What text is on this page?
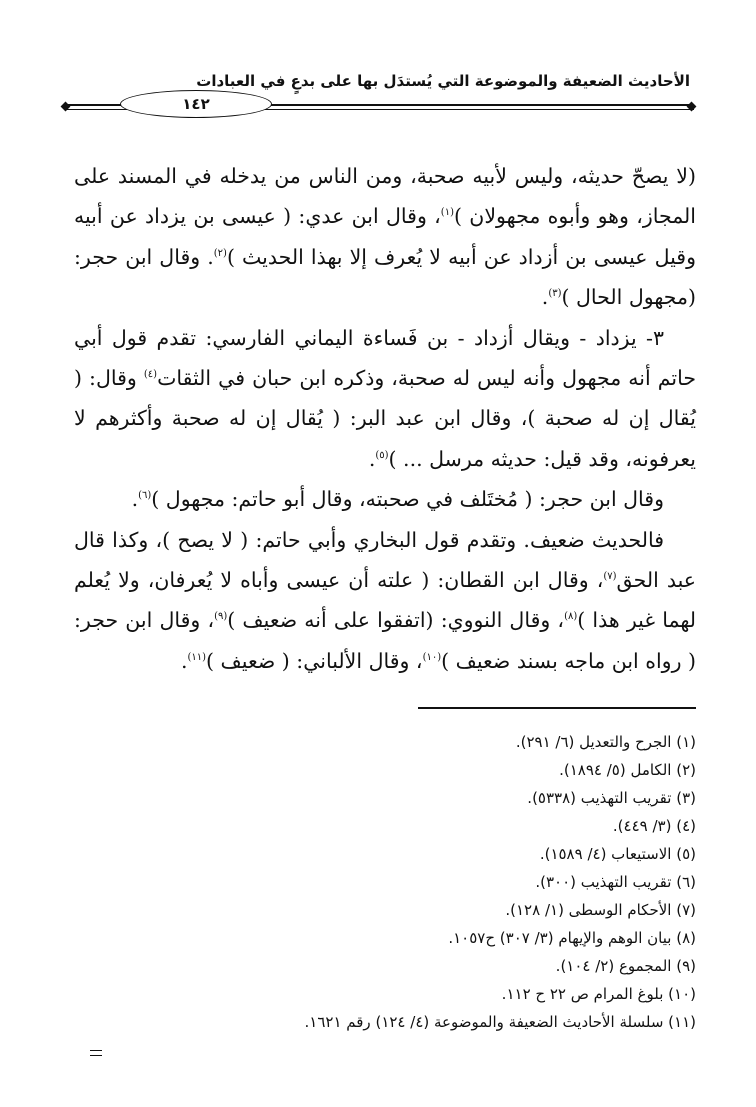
الأحاديث الضعيفة والموضوعة التي يُستدَل بها على بدعٍ في العبادات
١٤٢

(لا يصحّ حديثه، وليس لأبيه صحبة، ومن الناس من يدخله في المسند على المجاز، وهو وأبوه مجهولان )$^{(١)}$، وقال ابن عدي: ( عيسى بن يزداد عن أبيه وقيل عيسى بن أزداد عن أبيه لا يُعرف إلا بهذا الحديث )$^{(٢)}$. وقال ابن حجر: (مجهول الحال )$^{(٣)}$.

٣- يزداد - ويقال أزداد - بن فَساءة اليماني الفارسي: تقدم قول أبي حاتم أنه مجهول وأنه ليس له صحبة، وذكره ابن حبان في الثقات$^{(٤)}$ وقال: ( يُقال إن له صحبة )، وقال ابن عبد البر: ( يُقال إن له صحبة وأكثرهم لا يعرفونه، وقد قيل: حديثه مرسل ... )$^{(٥)}$.

وقال ابن حجر: ( مُختَلف في صحبته، وقال أبو حاتم: مجهول )$^{(٦)}$.

فالحديث ضعيف. وتقدم قول البخاري وأبي حاتم: ( لا يصح )، وكذا قال عبد الحق$^{(٧)}$، وقال ابن القطان: ( علته أن عيسى وأباه لا يُعرفان، ولا يُعلم لهما غير هذا )$^{(٨)}$، وقال النووي: (اتفقوا على أنه ضعيف )$^{(٩)}$، وقال ابن حجر: ( رواه ابن ماجه بسند ضعيف )$^{(١٠)}$، وقال الألباني: ( ضعيف )$^{(١١)}$.

(١) الجرح والتعديل (٦/ ٢٩١).

(٢) الكامل (٥/ ١٨٩٤).

(٣) تقريب التهذيب (٥٣٣٨).

(٤) (٣/ ٤٤٩).

(٥) الاستيعاب (٤/ ١٥٨٩).

(٦) تقريب التهذيب (٣٠٠).

(٧) الأحكام الوسطى (١/ ١٢٨).

(٨) بيان الوهم والإيهام (٣/ ٣٠٧) ح١٠٥٧.

(٩) المجموع (٢/ ١٠٤).

(١٠) بلوغ المرام ص ٢٢ ح ١١٢.

(١١) سلسلة الأحاديث الضعيفة والموضوعة (٤/ ١٢٤) رقم ١٦٢١.
